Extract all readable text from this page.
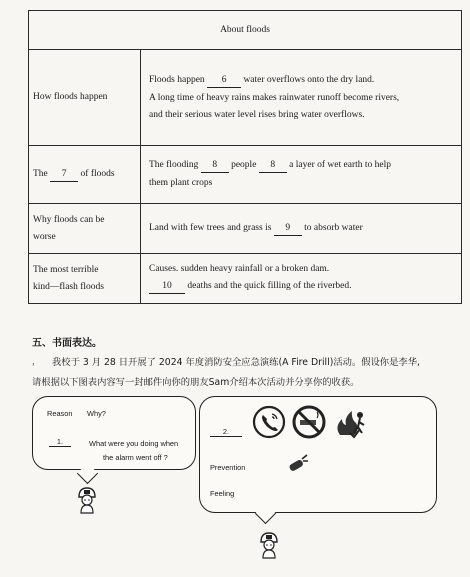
About floods	
How floods happen	Floods happen 6 water overflows onto the dry land.
A long time of heavy rains makes rainwater runoff become rivers,
and their serious water level rises bring water overflows.

The 7 of floods	The flooding 8 people 8 a layer of wet earth to help
them plant crops

Why floods can be
worse	Land with few trees and grass is 9 to absorb water

The most terrible
kind—flash floods	Causes. sudden heavy rainfall or a broken dam.
10 deaths and the quick filling of the riverbed.
五、书面表达。
， 我校于 3 月 28 日开展了 2024 年度消防安全应急演练(A Fire Drill)活动。假设你是李华,
请根据以下图表内容写一封邮件向你的朋友Sam介绍本次活动并分享你的收获。
Reason Why?
1.	What were you doing when
the alarm went off ?
2.
Prevention
Feeling
